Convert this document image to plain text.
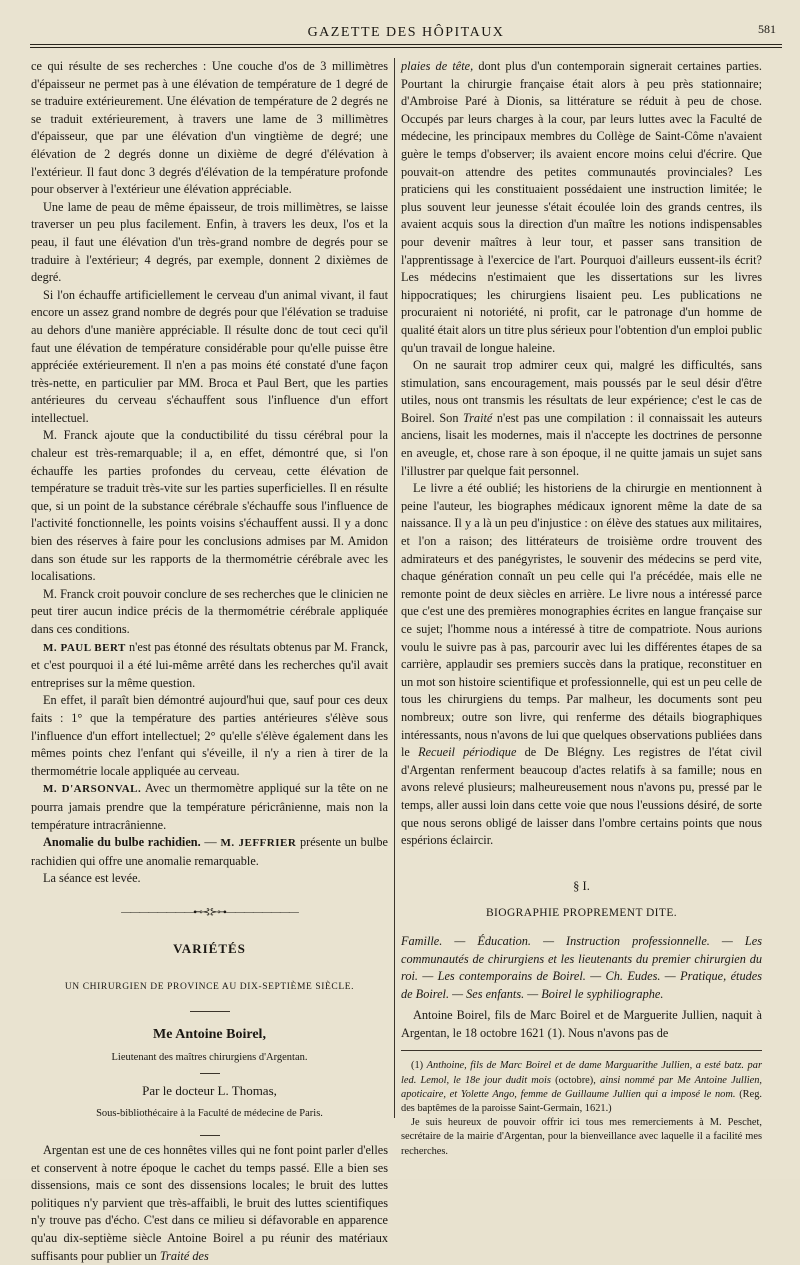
GAZETTE DES HÔPITAUX	581

ce qui résulte de ses recherches : Une couche d'os de 3 millimètres d'épaisseur ne permet pas à une élévation de température de 1 degré de se traduire extérieurement. Une élévation de température de 2 degrés ne se traduit extérieurement, à travers une lame de 3 millimètres d'épaisseur, que par une élévation d'un vingtième de degré; une élévation de 2 degrés donne un dixième de degré d'élévation à l'extérieur. Il faut donc 3 degrés d'élévation de la température profonde pour observer à l'extérieur une élévation appréciable.

Une lame de peau de même épaisseur, de trois millimètres, se laisse traverser un peu plus facilement. Enfin, à travers les deux, l'os et la peau, il faut une élévation d'un très-grand nombre de degrés pour se traduire à l'extérieur; 4 degrés, par exemple, donnent 2 dixièmes de degré.

Si l'on échauffe artificiellement le cerveau d'un animal vivant, il faut encore un assez grand nombre de degrés pour que l'élévation se traduise au dehors d'une manière appréciable. Il résulte donc de tout ceci qu'il faut une élévation de température considérable pour qu'elle puisse être appréciée extérieurement. Il n'en a pas moins été constaté d'une façon très-nette, en particulier par MM. Broca et Paul Bert, que les parties antérieures du cerveau s'échauffent sous l'influence d'un effort intellectuel.

M. Franck ajoute que la conductibilité du tissu cérébral pour la chaleur est très-remarquable; il a, en effet, démontré que, si l'on échauffe les parties profondes du cerveau, cette élévation de température se traduit très-vite sur les parties superficielles. Il en résulte que, si un point de la substance cérébrale s'échauffe sous l'influence de l'activité fonctionnelle, les points voisins s'échauffent aussi. Il y a donc bien des réserves à faire pour les conclusions admises par M. Amidon dans son étude sur les rapports de la thermométrie cérébrale avec les localisations.

M. Franck croit pouvoir conclure de ses recherches que le clinicien ne peut tirer aucun indice précis de la thermométrie cérébrale appliquée dans ces conditions.

M. PAUL BERT n'est pas étonné des résultats obtenus par M. Franck, et c'est pourquoi il a été lui-même arrêté dans les recherches qu'il avait entreprises sur la même question.

En effet, il paraît bien démontré aujourd'hui que, sauf pour ces deux faits : 1° que la température des parties antérieures s'élève sous l'influence d'un effort intellectuel; 2° qu'elle s'élève également dans les mêmes points chez l'enfant qui s'éveille, il n'y a rien à tirer de la thermométrie locale appliquée au cerveau.

M. D'ARSONVAL. Avec un thermomètre appliqué sur la tête on ne pourra jamais prendre que la température péricrânienne, mais non la température intracrânienne.

Anomalie du bulbe rachidien. — M. JEFFRIER présente un bulbe rachidien qui offre une anomalie remarquable.

La séance est levée.

————————⊷⊰⊱⊶————————
VARIÉTÉS
UN CHIRURGIEN DE PROVINCE AU DIX-SEPTIÈME SIÈCLE.
Me Antoine Boirel,
Lieutenant des maîtres chirurgiens d'Argentan.
Par le docteur L. Thomas,
Sous-bibliothécaire à la Faculté de médecine de Paris.

Argentan est une de ces honnêtes villes qui ne font point parler d'elles et conservent à notre époque le cachet du temps passé. Elle a bien ses dissensions, mais ce sont des dissensions locales; le bruit des luttes politiques n'y parvient que très-affaibli, le bruit des luttes scientifiques n'y trouve pas d'écho. C'est dans ce milieu si défavorable en apparence qu'au dix-septième siècle Antoine Boirel a pu réunir des matériaux suffisants pour publier un Traité des

plaies de tête, dont plus d'un contemporain signerait certaines parties. Pourtant la chirurgie française était alors à peu près stationnaire; d'Ambroise Paré à Dionis, sa littérature se réduit à peu de chose. Occupés par leurs charges à la cour, par leurs luttes avec la Faculté de médecine, les principaux membres du Collège de Saint-Côme n'avaient guère le temps d'observer; ils avaient encore moins celui d'écrire. Que pouvait-on attendre des petites communautés provinciales? Les praticiens qui les constituaient possédaient une instruction limitée; le plus souvent leur jeunesse s'était écoulée loin des grands centres, ils avaient acquis sous la direction d'un maître les notions indispensables pour devenir maîtres à leur tour, et passer sans transition de l'apprentissage à l'exercice de l'art. Pourquoi d'ailleurs eussent-ils écrit? Les médecins n'estimaient que les dissertations sur les livres hippocratiques; les chirurgiens lisaient peu. Les publications ne procuraient ni notoriété, ni profit, car le patronage d'un homme de qualité était alors un titre plus sérieux pour l'obtention d'un emploi public qu'un travail de longue haleine.

On ne saurait trop admirer ceux qui, malgré les difficultés, sans stimulation, sans encouragement, mais poussés par le seul désir d'être utiles, nous ont transmis les résultats de leur expérience; c'est le cas de Boirel. Son Traité n'est pas une compilation : il connaissait les auteurs anciens, lisait les modernes, mais il n'accepte les doctrines de personne en aveugle, et, chose rare à son époque, il ne quitte jamais un sujet sans l'illustrer par quelque fait personnel.

Le livre a été oublié; les historiens de la chirurgie en mentionnent à peine l'auteur, les biographes médicaux ignorent même la date de sa naissance. Il y a là un peu d'injustice : on élève des statues aux militaires, et l'on a raison; des littérateurs de troisième ordre trouvent des admirateurs et des panégyristes, le souvenir des médecins se perd vite, chaque génération connaît un peu celle qui l'a précédée, mais elle ne remonte point de deux siècles en arrière. Le livre nous a intéressé parce que c'est une des premières monographies écrites en langue française sur ce sujet; l'homme nous a intéressé à titre de compatriote. Nous aurions voulu le suivre pas à pas, parcourir avec lui les différentes étapes de sa carrière, applaudir ses premiers succès dans la pratique, reconstituer en un mot son histoire scientifique et professionnelle, qui est un peu celle de tous les chirurgiens du temps. Par malheur, les documents sont peu nombreux; outre son livre, qui renferme des détails biographiques intéressants, nous n'avons de lui que quelques observations publiées dans le Recueil périodique de De Blégny. Les registres de l'état civil d'Argentan renferment beaucoup d'actes relatifs à sa famille; nous en avons relevé plusieurs; malheureusement nous n'avons pu, pressé par le temps, aller aussi loin dans cette voie que nous l'eussions désiré, de sorte que nous serons obligé de laisser dans l'ombre certains points que nous espérions éclaircir.

§ I.
BIOGRAPHIE PROPREMENT DITE.

Famille. — Éducation. — Instruction professionnelle. — Les communautés de chirurgiens et les lieutenants du premier chirurgien du roi. — Les contemporains de Boirel. — Ch. Eudes. — Pratique, études de Boirel. — Ses enfants. — Boirel le syphiliographe.

Antoine Boirel, fils de Marc Boirel et de Marguerite Jullien, naquit à Argentan, le 18 octobre 1621 (1). Nous n'avons pas de

(1) Anthoine, fils de Marc Boirel et de dame Marguarithe Jullien, a esté batz. par led. Lemol, le 18e jour dudit mois (octobre), ainsi nommé par Me Antoine Jullien, apoticaire, et Yolette Ango, femme de Guillaume Jullien qui a imposé le nom. (Reg. des baptêmes de la paroisse Saint-Germain, 1621.)

Je suis heureux de pouvoir offrir ici tous mes remerciements à M. Peschet, secrétaire de la mairie d'Argentan, pour la bienveillance avec laquelle il a facilité mes recherches.
